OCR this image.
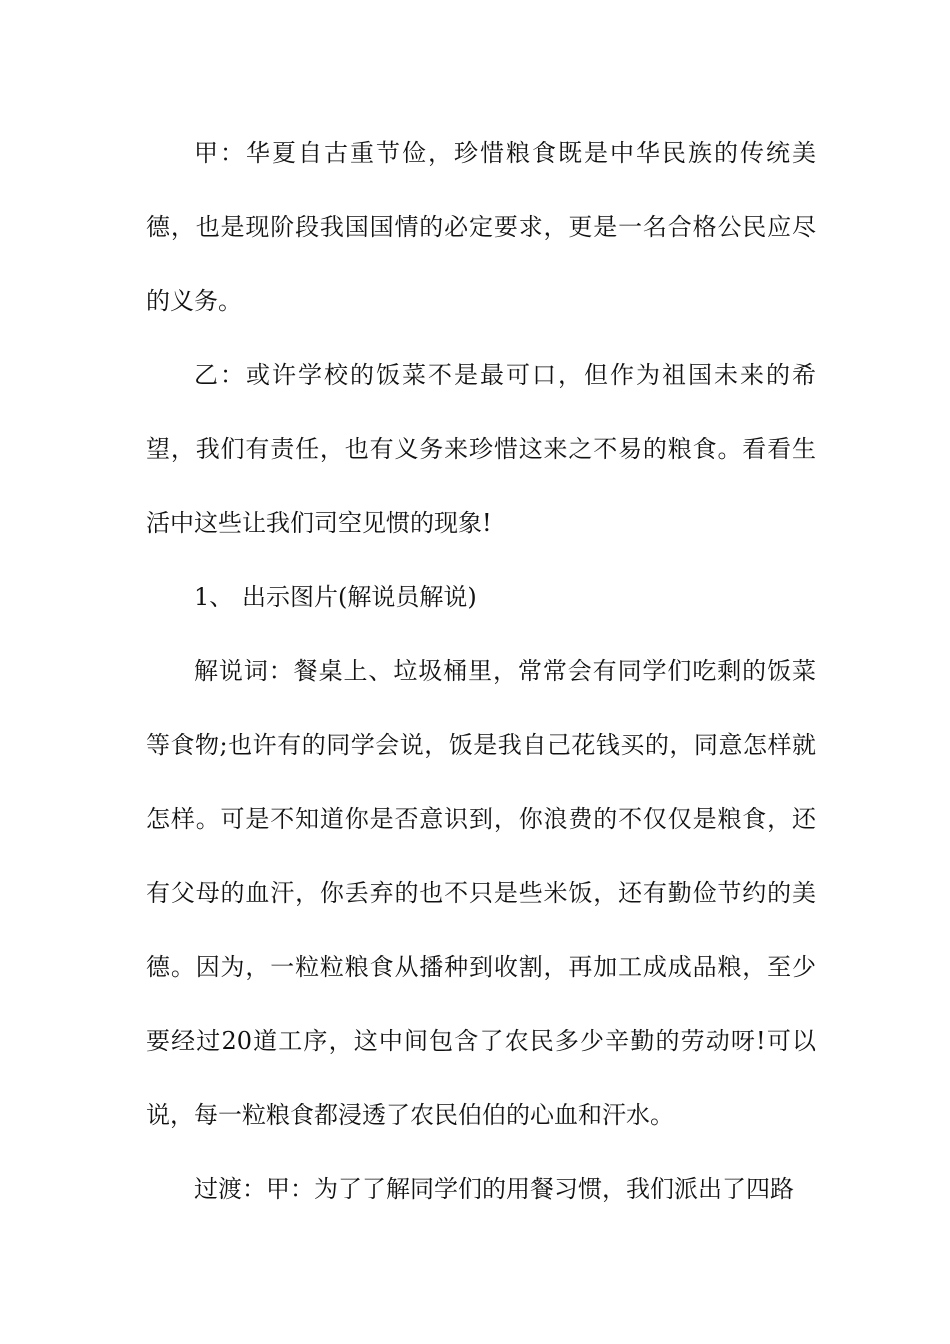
甲：华夏自古重节俭，珍惜粮食既是中华民族的传统美德，也是现阶段我国国情的必定要求，更是一名合格公民应尽的义务。

乙：或许学校的饭菜不是最可口，但作为祖国未来的希望，我们有责任，也有义务来珍惜这来之不易的粮食。看看生活中这些让我们司空见惯的现象!

1、 出示图片(解说员解说)

解说词：餐桌上、垃圾桶里，常常会有同学们吃剩的饭菜等食物;也许有的同学会说，饭是我自己花钱买的，同意怎样就怎样。可是不知道你是否意识到，你浪费的不仅仅是粮食，还有父母的血汗，你丢弃的也不只是些米饭，还有勤俭节约的美德。因为，一粒粒粮食从播种到收割，再加工成成品粮，至少要经过20道工序，这中间包含了农民多少辛勤的劳动呀!可以说，每一粒粮食都浸透了农民伯伯的心血和汗水。

过渡：甲：为了了解同学们的用餐习惯，我们派出了四路
